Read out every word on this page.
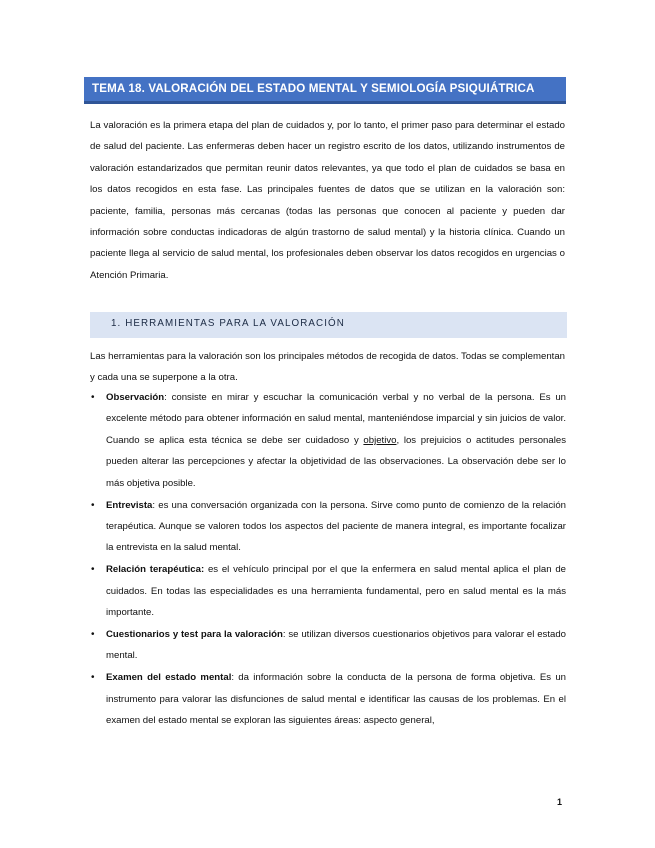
TEMA 18. VALORACIÓN DEL ESTADO MENTAL Y SEMIOLOGÍA PSIQUIÁTRICA

La valoración es la primera etapa del plan de cuidados y, por lo tanto, el primer paso para determinar el estado de salud del paciente. Las enfermeras deben hacer un registro escrito de los datos, utilizando instrumentos de valoración estandarizados que permitan reunir datos relevantes, ya que todo el plan de cuidados se basa en los datos recogidos en esta fase. Las principales fuentes de datos que se utilizan en la valoración son: paciente, familia, personas más cercanas (todas las personas que conocen al paciente y pueden dar información sobre conductas indicadoras de algún trastorno de salud mental) y la historia clínica. Cuando un paciente llega al servicio de salud mental, los profesionales deben observar los datos recogidos en urgencias o Atención Primaria.

1. HERRAMIENTAS PARA LA VALORACIÓN

Las herramientas para la valoración son los principales métodos de recogida de datos. Todas se complementan y cada una se superpone a la otra.

• Observación: consiste en mirar y escuchar la comunicación verbal y no verbal de la persona. Es un excelente método para obtener información en salud mental, manteniéndose imparcial y sin juicios de valor. Cuando se aplica esta técnica se debe ser cuidadoso y objetivo, los prejuicios o actitudes personales pueden alterar las percepciones y afectar la objetividad de las observaciones. La observación debe ser lo más objetiva posible.
• Entrevista: es una conversación organizada con la persona. Sirve como punto de comienzo de la relación terapéutica. Aunque se valoren todos los aspectos del paciente de manera integral, es importante focalizar la entrevista en la salud mental.
• Relación terapéutica: es el vehículo principal por el que la enfermera en salud mental aplica el plan de cuidados. En todas las especialidades es una herramienta fundamental, pero en salud mental es la más importante.
• Cuestionarios y test para la valoración: se utilizan diversos cuestionarios objetivos para valorar el estado mental.
• Examen del estado mental: da información sobre la conducta de la persona de forma objetiva. Es un instrumento para valorar las disfunciones de salud mental e identificar las causas de los problemas. En el examen del estado mental se exploran las siguientes áreas: aspecto general,
1
